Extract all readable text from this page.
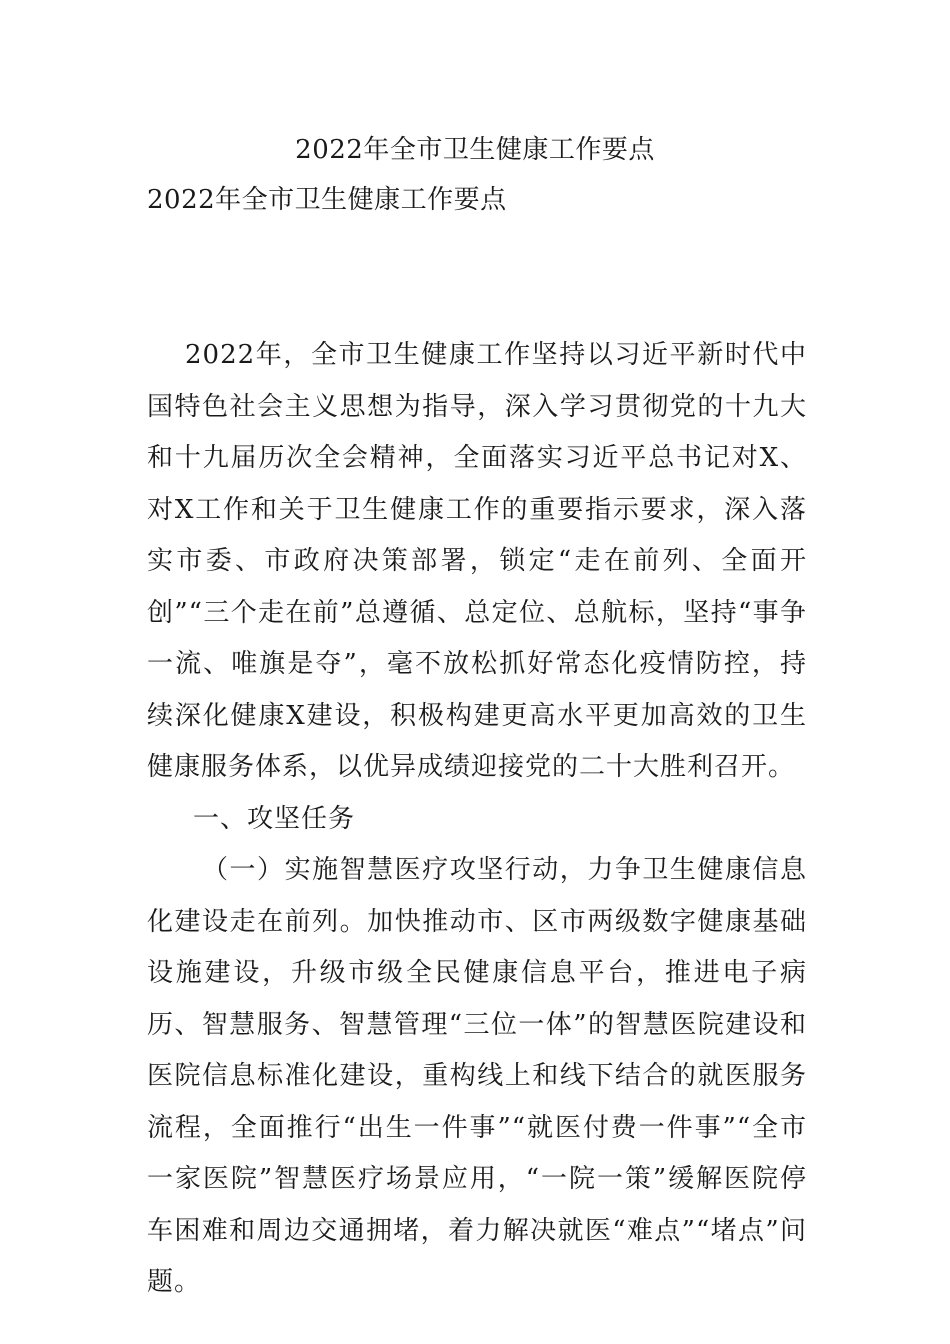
2022年全市卫生健康工作要点
2022年全市卫生健康工作要点

2022年，全市卫生健康工作坚持以习近平新时代中国特色社会主义思想为指导，深入学习贯彻党的十九大和十九届历次全会精神，全面落实习近平总书记对X、对X工作和关于卫生健康工作的重要指示要求，深入落实市委、市政府决策部署，锁定“走在前列、全面开创”“三个走在前”总遵循、总定位、总航标，坚持“事争一流、唯旗是夺”，毫不放松抓好常态化疫情防控，持续深化健康X建设，积极构建更高水平更加高效的卫生健康服务体系，以优异成绩迎接党的二十大胜利召开。

一、攻坚任务

（一）实施智慧医疗攻坚行动，力争卫生健康信息化建设走在前列。加快推动市、区市两级数字健康基础设施建设，升级市级全民健康信息平台，推进电子病历、智慧服务、智慧管理“三位一体”的智慧医院建设和医院信息标准化建设，重构线上和线下结合的就医服务流程，全面推行“出生一件事”“就医付费一件事”“全市一家医院”智慧医疗场景应用，“一院一策”缓解医院停车困难和周边交通拥堵，着力解决就医“难点”“堵点”问题。
